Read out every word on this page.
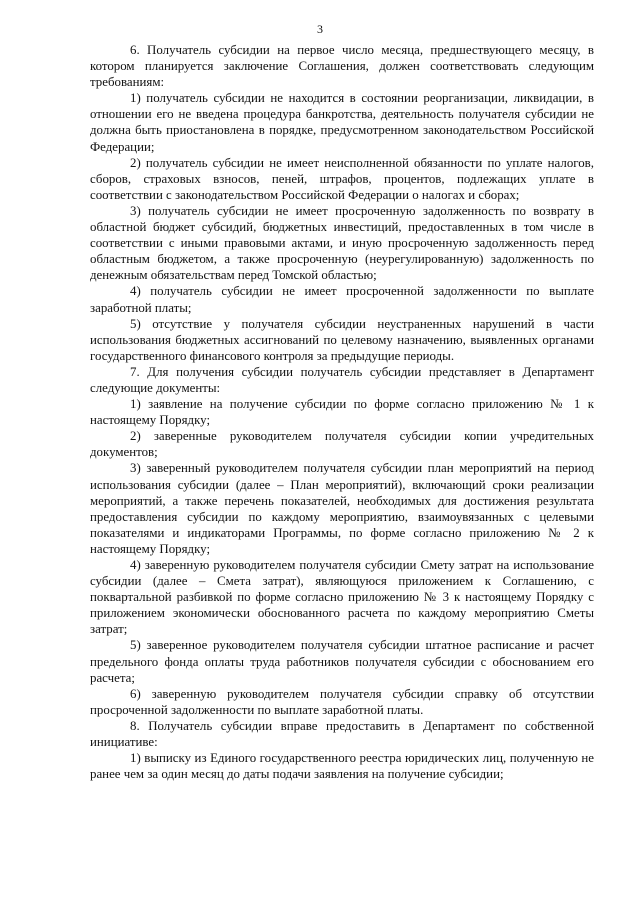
3

6. Получатель субсидии на первое число месяца, предшествующего месяцу, в котором планируется заключение Соглашения, должен соответствовать следующим требованиям:

1) получатель субсидии не находится в состоянии реорганизации, ликвидации, в отношении его не введена процедура банкротства, деятельность получателя субсидии не должна быть приостановлена в порядке, предусмотренном законодательством Российской Федерации;

2) получатель субсидии не имеет неисполненной обязанности по уплате налогов, сборов, страховых взносов, пеней, штрафов, процентов, подлежащих уплате в соответствии с законодательством Российской Федерации о налогах и сборах;

3) получатель субсидии не имеет просроченную задолженность по возврату в областной бюджет субсидий, бюджетных инвестиций, предоставленных в том числе в соответствии с иными правовыми актами, и иную просроченную задолженность перед областным бюджетом, а также просроченную (неурегулированную) задолженность по денежным обязательствам перед Томской областью;

4) получатель субсидии не имеет просроченной задолженности по выплате заработной платы;

5) отсутствие у получателя субсидии неустраненных нарушений в части использования бюджетных ассигнований по целевому назначению, выявленных органами государственного финансового контроля за предыдущие периоды.

7. Для получения субсидии получатель субсидии представляет в Департамент следующие документы:

1) заявление на получение субсидии по форме согласно приложению № 1 к настоящему Порядку;

2) заверенные руководителем получателя субсидии копии учредительных документов;

3) заверенный руководителем получателя субсидии план мероприятий на период использования субсидии (далее – План мероприятий), включающий сроки реализации мероприятий, а также перечень показателей, необходимых для достижения результата предоставления субсидии по каждому мероприятию, взаимоувязанных с целевыми показателями и индикаторами Программы, по форме согласно приложению № 2 к настоящему Порядку;

4) заверенную руководителем получателя субсидии Смету затрат на использование субсидии (далее – Смета затрат), являющуюся приложением к Соглашению, с поквартальной разбивкой по форме согласно приложению № 3 к настоящему Порядку с приложением экономически обоснованного расчета по каждому мероприятию Сметы затрат;

5) заверенное руководителем получателя субсидии штатное расписание и расчет предельного фонда оплаты труда работников получателя субсидии с обоснованием его расчета;

6) заверенную руководителем получателя субсидии справку об отсутствии просроченной задолженности по выплате заработной платы.

8. Получатель субсидии вправе предоставить в Департамент по собственной инициативе:

1) выписку из Единого государственного реестра юридических лиц, полученную не ранее чем за один месяц до даты подачи заявления на получение субсидии;
